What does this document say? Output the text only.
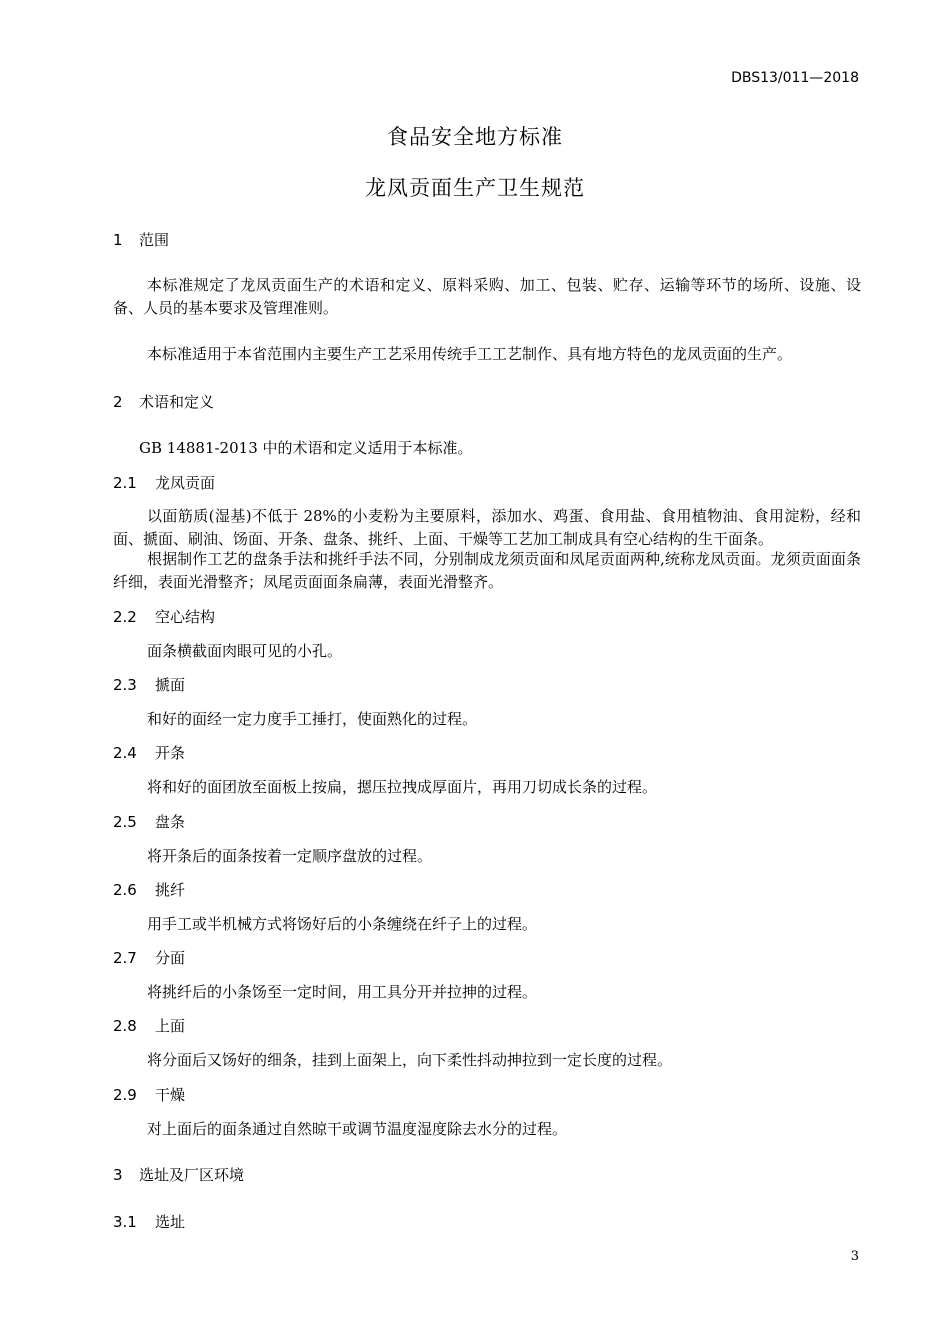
DBS13/011—2018
食品安全地方标准
龙凤贡面生产卫生规范
1 范围
本标准规定了龙凤贡面生产的术语和定义、原料采购、加工、包装、贮存、运输等环节的场所、设施、设备、人员的基本要求及管理准则。
本标准适用于本省范围内主要生产工艺采用传统手工工艺制作、具有地方特色的龙凤贡面的生产。
2 术语和定义
GB 14881-2013 中的术语和定义适用于本标准。
2.1 龙凤贡面
以面筋质(湿基)不低于 28%的小麦粉为主要原料，添加水、鸡蛋、食用盐、食用植物油、食用淀粉，经和面、搋面、刷油、饧面、开条、盘条、挑纤、上面、干燥等工艺加工制成具有空心结构的生干面条。
根据制作工艺的盘条手法和挑纤手法不同，分别制成龙须贡面和凤尾贡面两种,统称龙凤贡面。龙须贡面面条纤细，表面光滑整齐；凤尾贡面面条扁薄，表面光滑整齐。
2.2 空心结构
面条横截面肉眼可见的小孔。
2.3 搋面
和好的面经一定力度手工捶打，使面熟化的过程。
2.4 开条
将和好的面团放至面板上按扁，摁压拉拽成厚面片，再用刀切成长条的过程。
2.5 盘条
将开条后的面条按着一定顺序盘放的过程。
2.6 挑纤
用手工或半机械方式将饧好后的小条缠绕在纤子上的过程。
2.7 分面
将挑纤后的小条饧至一定时间，用工具分开并拉抻的过程。
2.8 上面
将分面后又饧好的细条，挂到上面架上，向下柔性抖动抻拉到一定长度的过程。
2.9 干燥
对上面后的面条通过自然晾干或调节温度湿度除去水分的过程。
3 选址及厂区环境
3.1 选址
3
